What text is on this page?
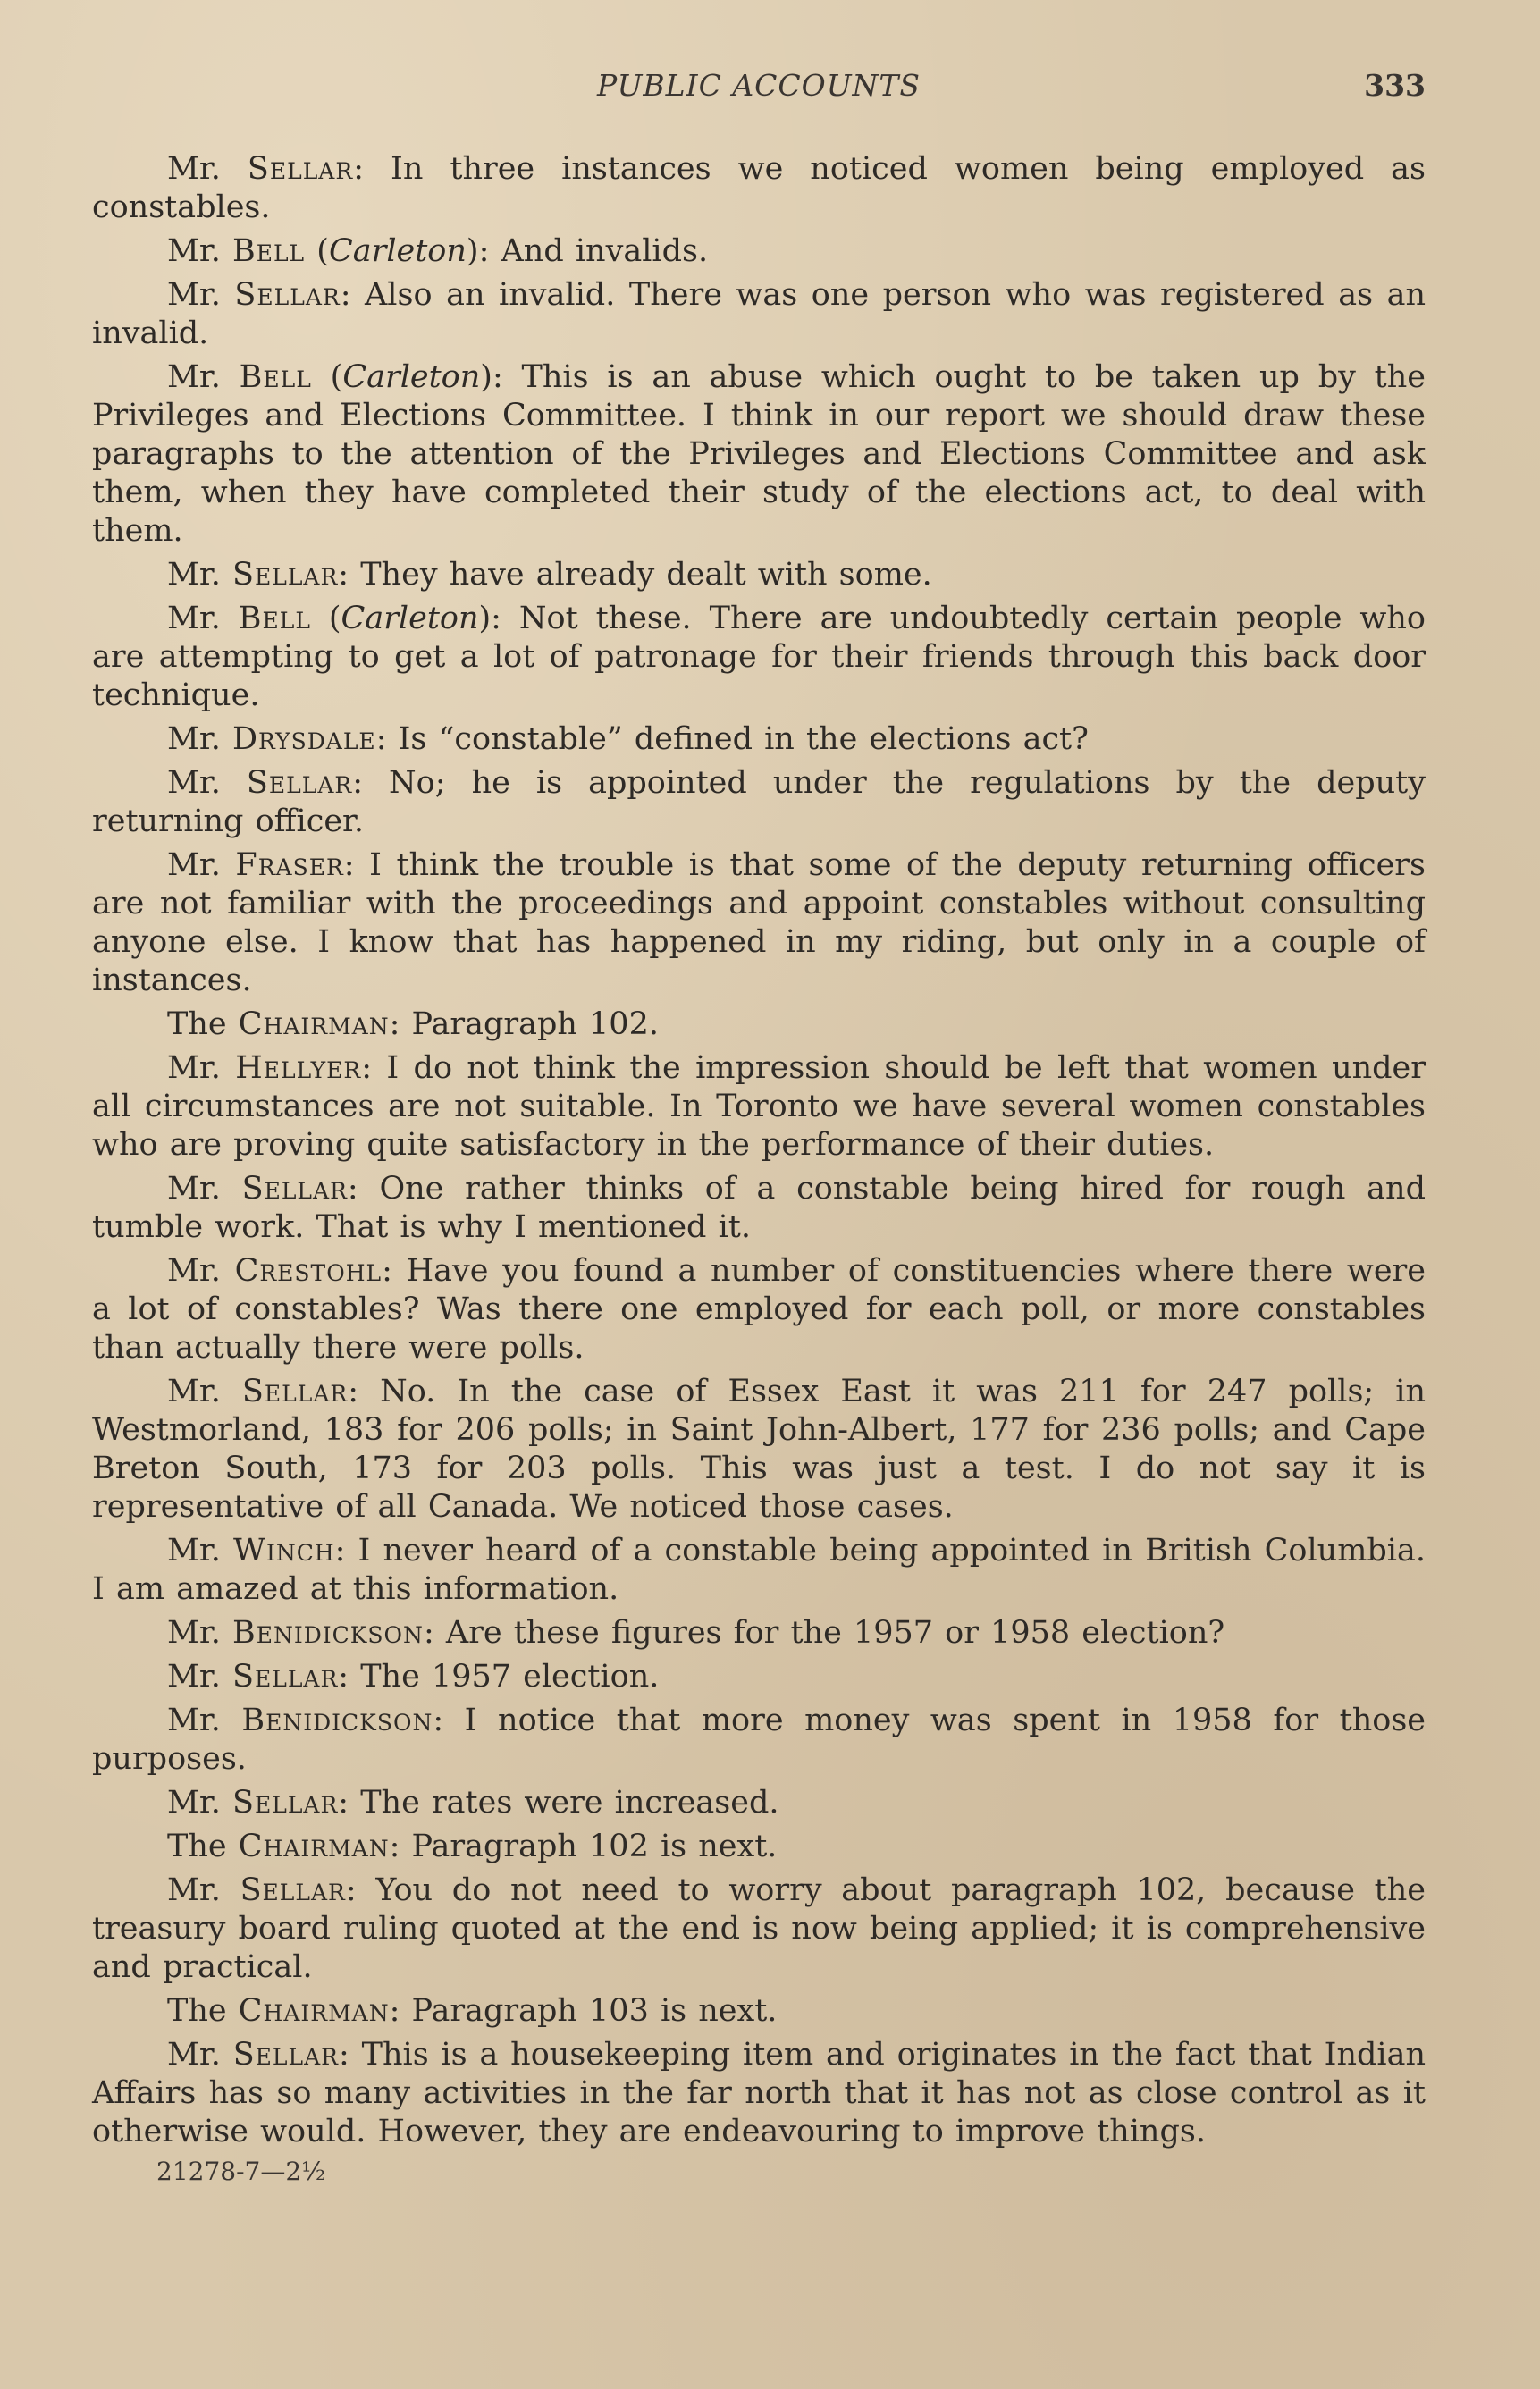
PUBLIC ACCOUNTS	333

Mr. Sellar: In three instances we noticed women being employed as constables.

Mr. Bell (Carleton): And invalids.

Mr. Sellar: Also an invalid. There was one person who was registered as an invalid.

Mr. Bell (Carleton): This is an abuse which ought to be taken up by the Privileges and Elections Committee. I think in our report we should draw these paragraphs to the attention of the Privileges and Elections Committee and ask them, when they have completed their study of the elections act, to deal with them.

Mr. Sellar: They have already dealt with some.

Mr. Bell (Carleton): Not these. There are undoubtedly certain people who are attempting to get a lot of patronage for their friends through this back door technique.

Mr. Drysdale: Is “constable” defined in the elections act?

Mr. Sellar: No; he is appointed under the regulations by the deputy returning officer.

Mr. Fraser: I think the trouble is that some of the deputy returning officers are not familiar with the proceedings and appoint constables without consulting anyone else. I know that has happened in my riding, but only in a couple of instances.

The Chairman: Paragraph 102.

Mr. Hellyer: I do not think the impression should be left that women under all circumstances are not suitable. In Toronto we have several women constables who are proving quite satisfactory in the performance of their duties.

Mr. Sellar: One rather thinks of a constable being hired for rough and tumble work. That is why I mentioned it.

Mr. Crestohl: Have you found a number of constituencies where there were a lot of constables? Was there one employed for each poll, or more constables than actually there were polls.

Mr. Sellar: No. In the case of Essex East it was 211 for 247 polls; in Westmorland, 183 for 206 polls; in Saint John-Albert, 177 for 236 polls; and Cape Breton South, 173 for 203 polls. This was just a test. I do not say it is representative of all Canada. We noticed those cases.

Mr. Winch: I never heard of a constable being appointed in British Columbia. I am amazed at this information.

Mr. Benidickson: Are these figures for the 1957 or 1958 election?

Mr. Sellar: The 1957 election.

Mr. Benidickson: I notice that more money was spent in 1958 for those purposes.

Mr. Sellar: The rates were increased.

The Chairman: Paragraph 102 is next.

Mr. Sellar: You do not need to worry about paragraph 102, because the treasury board ruling quoted at the end is now being applied; it is comprehensive and practical.

The Chairman: Paragraph 103 is next.

Mr. Sellar: This is a housekeeping item and originates in the fact that Indian Affairs has so many activities in the far north that it has not as close control as it otherwise would. However, they are endeavouring to improve things.

21278-7—2½
